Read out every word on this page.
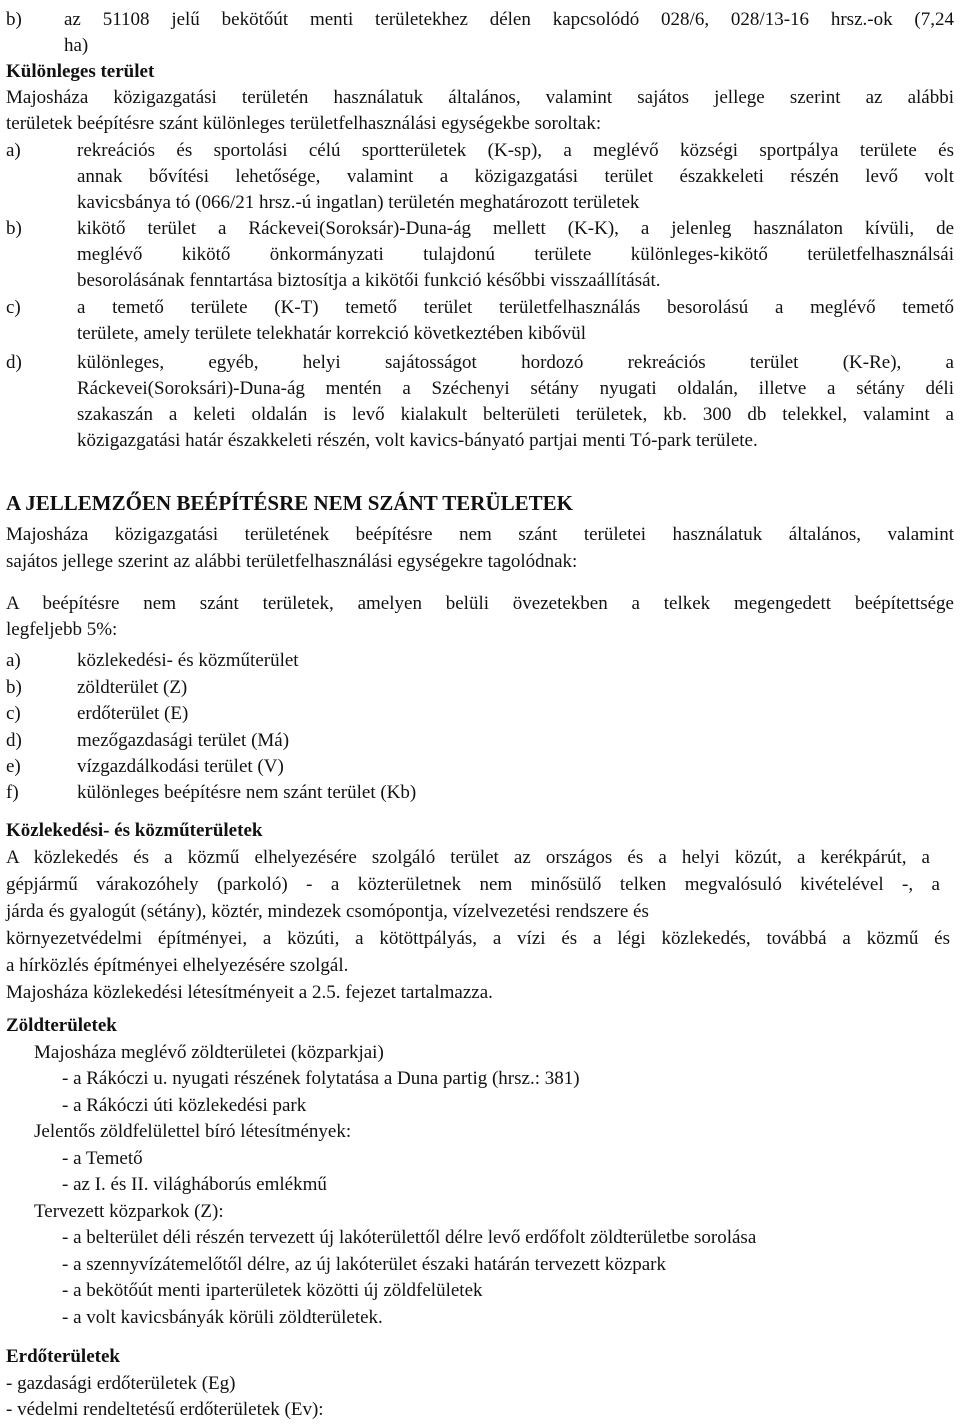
b) az 51108 jelű bekötőút menti területekhez délen kapcsolódó 028/6, 028/13-16 hrsz.-ok (7,24
ha)
Különleges terület
Majosháza közigazgatási területén használatuk általános, valamint sajátos jellege szerint az alábbi
területek beépítésre szánt különleges területfelhasználási egységekbe soroltak:
a)	rekreációs és sportolási célú sportterületek (K-sp), a meglévő községi sportpálya területe és
annak bővítési lehetősége, valamint a közigazgatási terület északkeleti részén levő volt
kavicsbánya tó (066/21 hrsz.-ú ingatlan) területén meghatározott területek
b)	kikötő terület a Ráckevei(Soroksár)-Duna-ág mellett (K-K), a jelenleg használaton kívüli, de
meglévő kikötő önkormányzati tulajdonú területe különleges-kikötő területfelhasználsái
besorolásának fenntartása biztosítja a kikötői funkció későbbi visszaállítását.
c)	a temető területe (K-T) temető terület területfelhasználás besorolású a meglévő temető
területe, amely területe telekhatár korrekció következtében kibővül
d)	különleges, egyéb, helyi sajátosságot hordozó rekreációs terület (K-Re), a
Ráckevei(Soroksári)-Duna-ág mentén a Széchenyi sétány nyugati oldalán, illetve a sétány déli
szakaszán a keleti oldalán is levő kialakult belterületi területek, kb. 300 db telekkel, valamint a
közigazgatási határ északkeleti részén, volt kavics-bányató partjai menti Tó-park területe.
A JELLEMZŐEN BEÉPÍTÉSRE NEM SZÁNT TERÜLETEK
Majosháza közigazgatási területének beépítésre nem szánt területei használatuk általános, valamint
sajátos jellege szerint az alábbi területfelhasználási egységekre tagolódnak:
A beépítésre nem szánt területek, amelyen belüli övezetekben a telkek megengedett beépítettsége
legfeljebb 5%:
a)	közlekedési- és közműterület
b)	zöldterület (Z)
c)	erdőterület (E)
d)	mezőgazdasági terület (Má)
e)	vízgazdálkodási terület (V)
f)	különleges beépítésre nem szánt terület (Kb)
Közlekedési- és közműterületek
A közlekedés és a közmű elhelyezésére szolgáló terület az országos és a helyi közút, a kerékpárút, a
gépjármű várakozóhely (parkoló) - a közterületnek nem minősülő telken megvalósuló kivételével -, a
járda és gyalogút (sétány), köztér, mindezek csomópontja, vízelvezetési rendszere és
környezetvédelmi építményei, a közúti, a kötöttpályás, a vízi és a légi közlekedés, továbbá a közmű és
a hírközlés építményei elhelyezésére szolgál.
Majosháza közlekedési létesítményeit a 2.5. fejezet tartalmazza.
Zöldterületek
Majosháza meglévő zöldterületei (közparkjai)
- a Rákóczi u. nyugati részének folytatása a Duna partig (hrsz.: 381)
- a Rákóczi úti közlekedési park
Jelentős zöldfelülettel bíró létesítmények:
- a Temető
- az I. és II. világháborús emlékmű
Tervezett közparkok (Z):
- a belterület déli részén tervezett új lakóterülettől délre levő erdőfolt zöldterületbe sorolása
- a szennyvízátemelőtől délre, az új lakóterület északi határán tervezett közpark
- a bekötőút menti iparterületek közötti új zöldfelületek
- a volt kavicsbányák körüli zöldterületek.
Erdőterületek
- gazdasági erdőterületek (Eg)
- védelmi rendeltetésű erdőterületek (Ev):
